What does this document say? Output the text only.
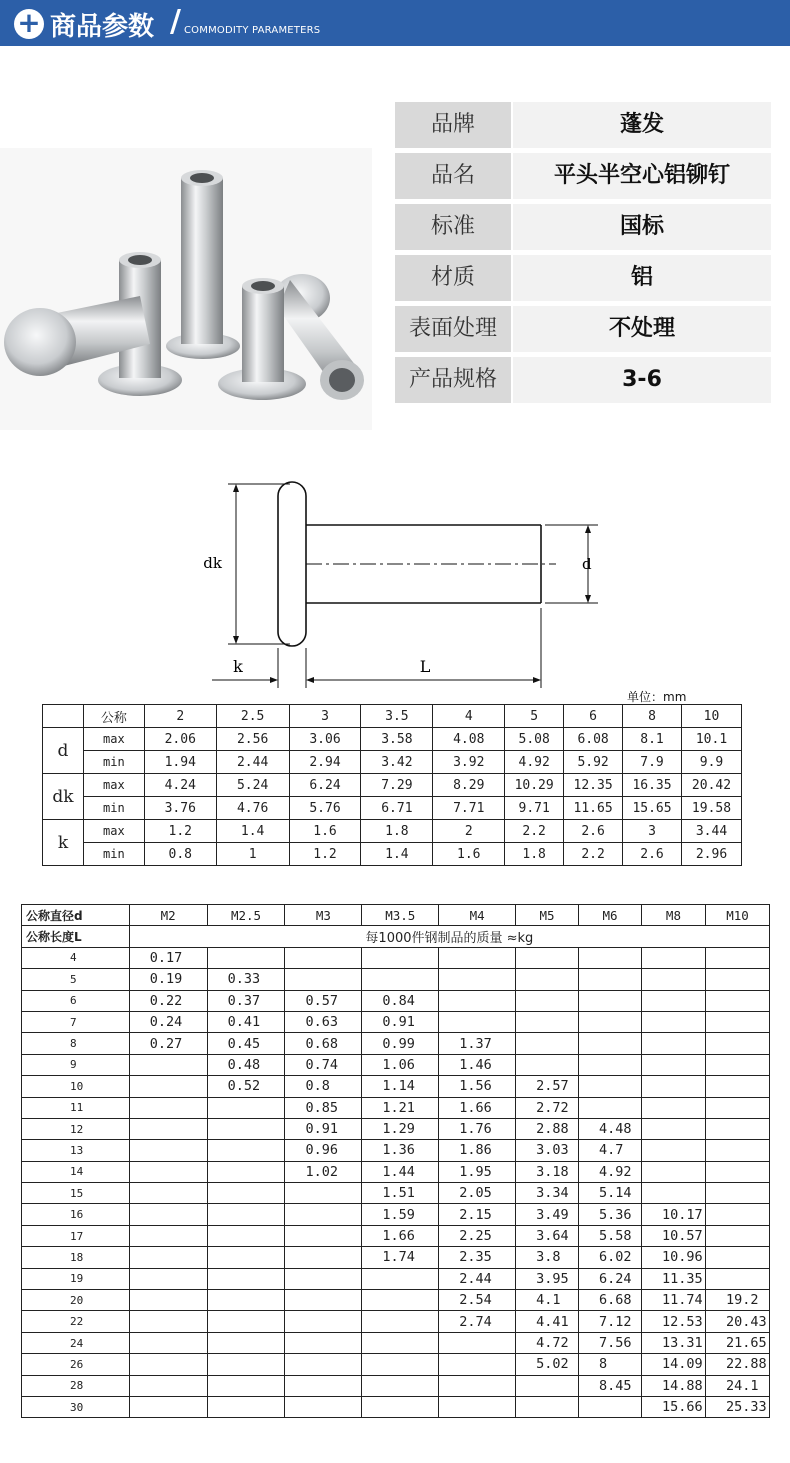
+ 商品参数 / COMMODITY PARAMETERS
品牌	蓬发
品名	平头半空心铝铆钉
标准	国标
材质	铝
表面处理	不处理
产品规格	3-6
dk	d
k	L
单位：mm
	公称	2	2.5	3	3.5	4	5	6	8	10
d	max	2.06	2.56	3.06	3.58	4.08	5.08	6.08	8.1	10.1
	min	1.94	2.44	2.94	3.42	3.92	4.92	5.92	7.9	9.9
dk	max	4.24	5.24	6.24	7.29	8.29	10.29	12.35	16.35	20.42
	min	3.76	4.76	5.76	6.71	7.71	9.71	11.65	15.65	19.58
k	max	1.2	1.4	1.6	1.8	2	2.2	2.6	3	3.44
	min	0.8	1	1.2	1.4	1.6	1.8	2.2	2.6	2.96
公称直径d	M2	M2.5	M3	M3.5	M4	M5	M6	M8	M10
公称长度L	每1000件钢制品的质量 ≈kg								
4	0.17								
5	0.19	0.33							
6	0.22	0.37	0.57	0.84					
7	0.24	0.41	0.63	0.91					
8	0.27	0.45	0.68	0.99	1.37				
9		0.48	0.74	1.06	1.46				
10		0.52	0.8	1.14	1.56	2.57			
11			0.85	1.21	1.66	2.72			
12			0.91	1.29	1.76	2.88	4.48		
13			0.96	1.36	1.86	3.03	4.7		
14			1.02	1.44	1.95	3.18	4.92		
15				1.51	2.05	3.34	5.14		
16				1.59	2.15	3.49	5.36	10.17	
17				1.66	2.25	3.64	5.58	10.57	
18				1.74	2.35	3.8	6.02	10.96	
19					2.44	3.95	6.24	11.35	
20					2.54	4.1	6.68	11.74	19.2
22					2.74	4.41	7.12	12.53	20.43
24						4.72	7.56	13.31	21.65
26						5.02	8	14.09	22.88
28							8.45	14.88	24.1
30								15.66	25.33
